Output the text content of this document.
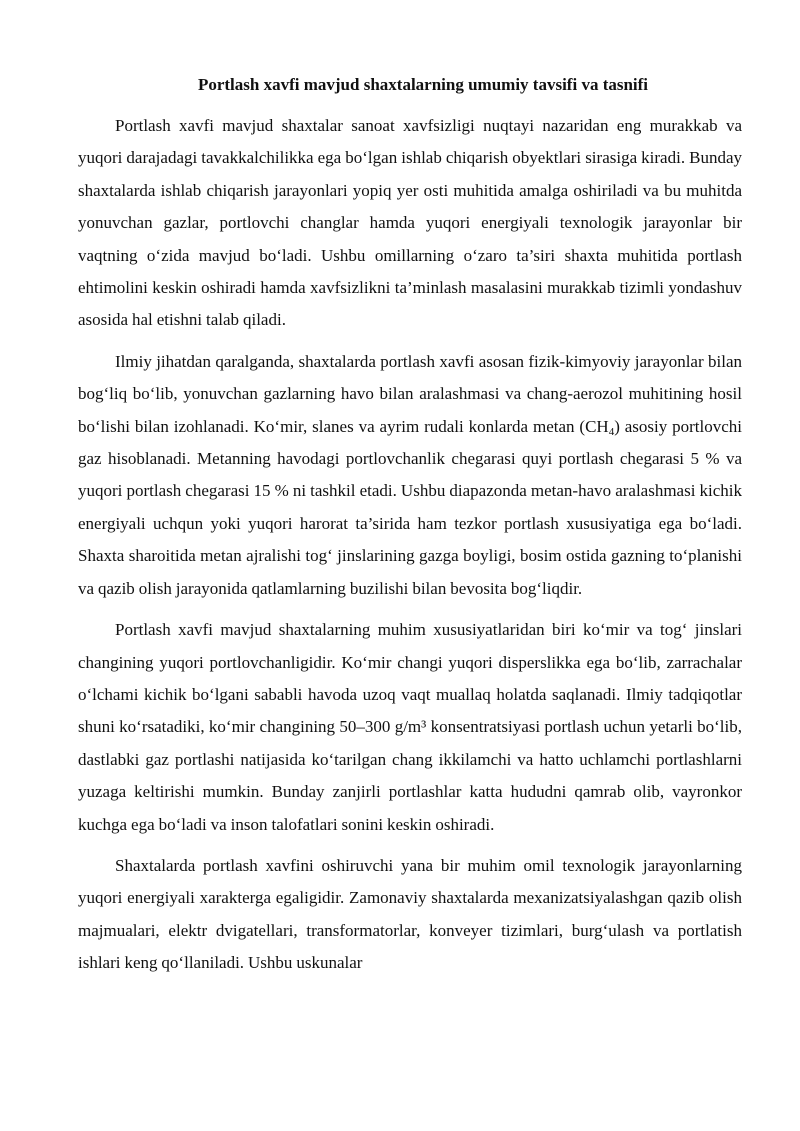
Portlash xavfi mavjud shaxtalarning umumiy tavsifi va tasnifi

Portlash xavfi mavjud shaxtalar sanoat xavfsizligi nuqtayi nazaridan eng murakkab va yuqori darajadagi tavakkalchilikka ega bo‘lgan ishlab chiqarish obyektlari sirasiga kiradi. Bunday shaxtalarda ishlab chiqarish jarayonlari yopiq yer osti muhitida amalga oshiriladi va bu muhitda yonuvchan gazlar, portlovchi changlar hamda yuqori energiyali texnologik jarayonlar bir vaqtning o‘zida mavjud bo‘ladi. Ushbu omillarning o‘zaro ta’siri shaxta muhitida portlash ehtimolini keskin oshiradi hamda xavfsizlikni ta’minlash masalasini murakkab tizimli yondashuv asosida hal etishni talab qiladi.

Ilmiy jihatdan qaralganda, shaxtalarda portlash xavfi asosan fizik-kimyoviy jarayonlar bilan bog‘liq bo‘lib, yonuvchan gazlarning havo bilan aralashmasi va chang-aerozol muhitining hosil bo‘lishi bilan izohlanadi. Ko‘mir, slanes va ayrim rudali konlarda metan $(CH_4)$ asosiy portlovchi gaz hisoblanadi. Metanning havodagi portlovchanlik chegarasi quyi portlash chegarasi 5 % va yuqori portlash chegarasi 15 % ni tashkil etadi. Ushbu diapazonda metan-havo aralashmasi kichik energiyali uchqun yoki yuqori harorat ta’sirida ham tezkor portlash xususiyatiga ega bo‘ladi. Shaxta sharoitida metan ajralishi tog‘ jinslarining gazga boyligi, bosim ostida gazning to‘planishi va qazib olish jarayonida qatlamlarning buzilishi bilan bevosita bog‘liqdir.

Portlash xavfi mavjud shaxtalarning muhim xususiyatlaridan biri ko‘mir va tog‘ jinslari changining yuqori portlovchanligidir. Ko‘mir changi yuqori disperslikka ega bo‘lib, zarrachalar o‘lchami kichik bo‘lgani sababli havoda uzoq vaqt muallaq holatda saqlanadi. Ilmiy tadqiqotlar shuni ko‘rsatadiki, ko‘mir changining 50–300 g/m³ konsentratsiyasi portlash uchun yetarli bo‘lib, dastlabki gaz portlashi natijasida ko‘tarilgan chang ikkilamchi va hatto uchlamchi portlashlarni yuzaga keltirishi mumkin. Bunday zanjirli portlashlar katta hududni qamrab olib, vayronkor kuchga ega bo‘ladi va inson talofatlari sonini keskin oshiradi.

Shaxtalarda portlash xavfini oshiruvchi yana bir muhim omil texnologik jarayonlarning yuqori energiyali xarakterga egaligidir. Zamonaviy shaxtalarda mexanizatsiyalashgan qazib olish majmualari, elektr dvigatellari, transformatorlar, konveyer tizimlari, burg‘ulash va portlatish ishlari keng qo‘llaniladi. Ushbu uskunalar
